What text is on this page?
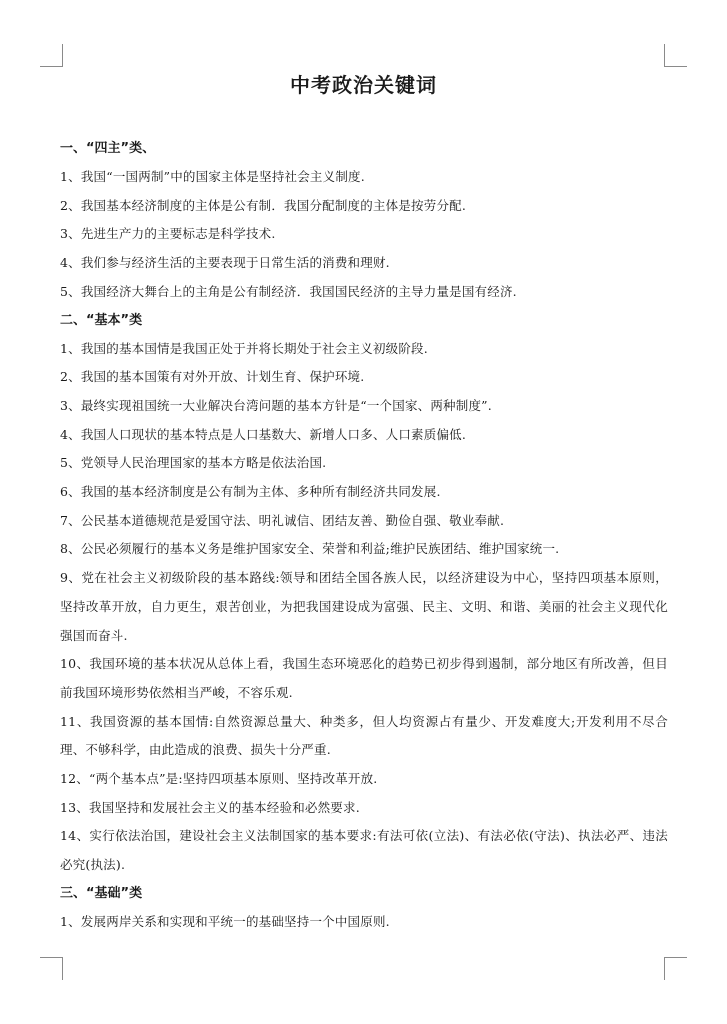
中考政治关键词
一、“四主”类、
1、我国“一国两制”中的国家主体是坚持社会主义制度.
2、我国基本经济制度的主体是公有制．我国分配制度的主体是按劳分配.
3、先进生产力的主要标志是科学技术.
4、我们参与经济生活的主要表现于日常生活的消费和理财.
5、我国经济大舞台上的主角是公有制经济．我国国民经济的主导力量是国有经济.
二、“基本”类
1、我国的基本国情是我国正处于并将长期处于社会主义初级阶段.
2、我国的基本国策有对外开放、计划生育、保护环境.
3、最终实现祖国统一大业解决台湾问题的基本方针是“一个国家、两种制度”.
4、我国人口现状的基本特点是人口基数大、新增人口多、人口素质偏低.
5、党领导人民治理国家的基本方略是依法治国.
6、我国的基本经济制度是公有制为主体、多种所有制经济共同发展.
7、公民基本道德规范是爱国守法、明礼诚信、团结友善、勤俭自强、敬业奉献.
8、公民必须履行的基本义务是维护国家安全、荣誉和利益;维护民族团结、维护国家统一.
9、党在社会主义初级阶段的基本路线:领导和团结全国各族人民，以经济建设为中心，坚持四项基本原则，坚持改革开放，自力更生，艰苦创业，为把我国建设成为富强、民主、文明、和谐、美丽的社会主义现代化强国而奋斗.
10、我国环境的基本状况从总体上看，我国生态环境恶化的趋势已初步得到遏制，部分地区有所改善，但目前我国环境形势依然相当严峻，不容乐观.
11、我国资源的基本国情:自然资源总量大、种类多，但人均资源占有量少、开发难度大;开发利用不尽合理、不够科学，由此造成的浪费、损失十分严重.
12、“两个基本点”是:坚持四项基本原则、坚持改革开放.
13、我国坚持和发展社会主义的基本经验和必然要求.
14、实行依法治国，建设社会主义法制国家的基本要求:有法可依(立法)、有法必依(守法)、执法必严、违法必究(执法).
三、“基础”类
1、发展两岸关系和实现和平统一的基础坚持一个中国原则.
